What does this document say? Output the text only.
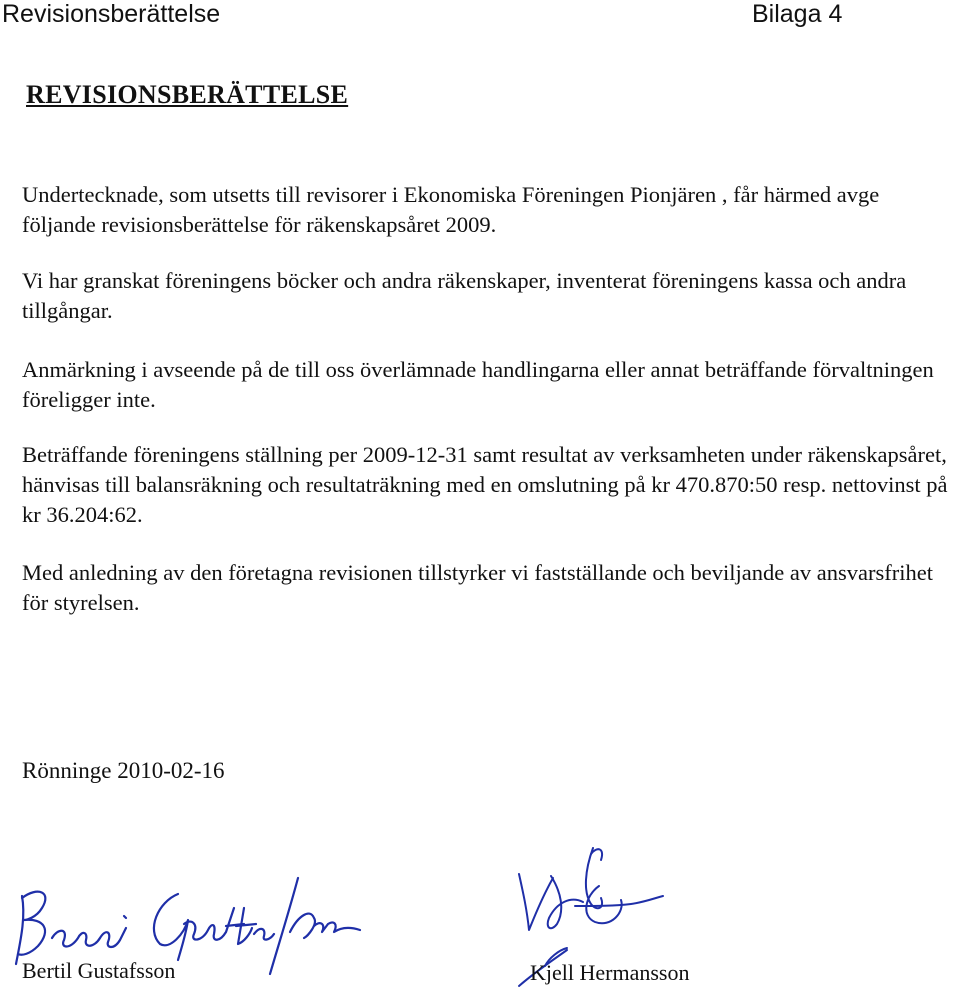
Revisionsberättelse	Bilaga 4
REVISIONSBERÄTTELSE

Undertecknade, som utsetts till revisorer i Ekonomiska Föreningen Pionjären , får härmed avge följande revisionsberättelse för räkenskapsåret 2009.

Vi har granskat föreningens böcker och andra räkenskaper, inventerat föreningens kassa och andra tillgångar.

Anmärkning i avseende på de till oss överlämnade handlingarna eller annat beträffande förvaltningen föreligger inte.

Beträffande föreningens ställning per 2009-12-31 samt resultat av verksamheten under räkenskapsåret, hänvisas till balansräkning och resultaträkning med en omslutning på kr 470.870:50 resp. nettovinst på kr 36.204:62.

Med anledning av den företagna revisionen tillstyrker vi fastställande och beviljande av ansvarsfrihet för styrelsen.

Rönninge 2010-02-16

Bertil Gustafsson	Kjell Hermansson
